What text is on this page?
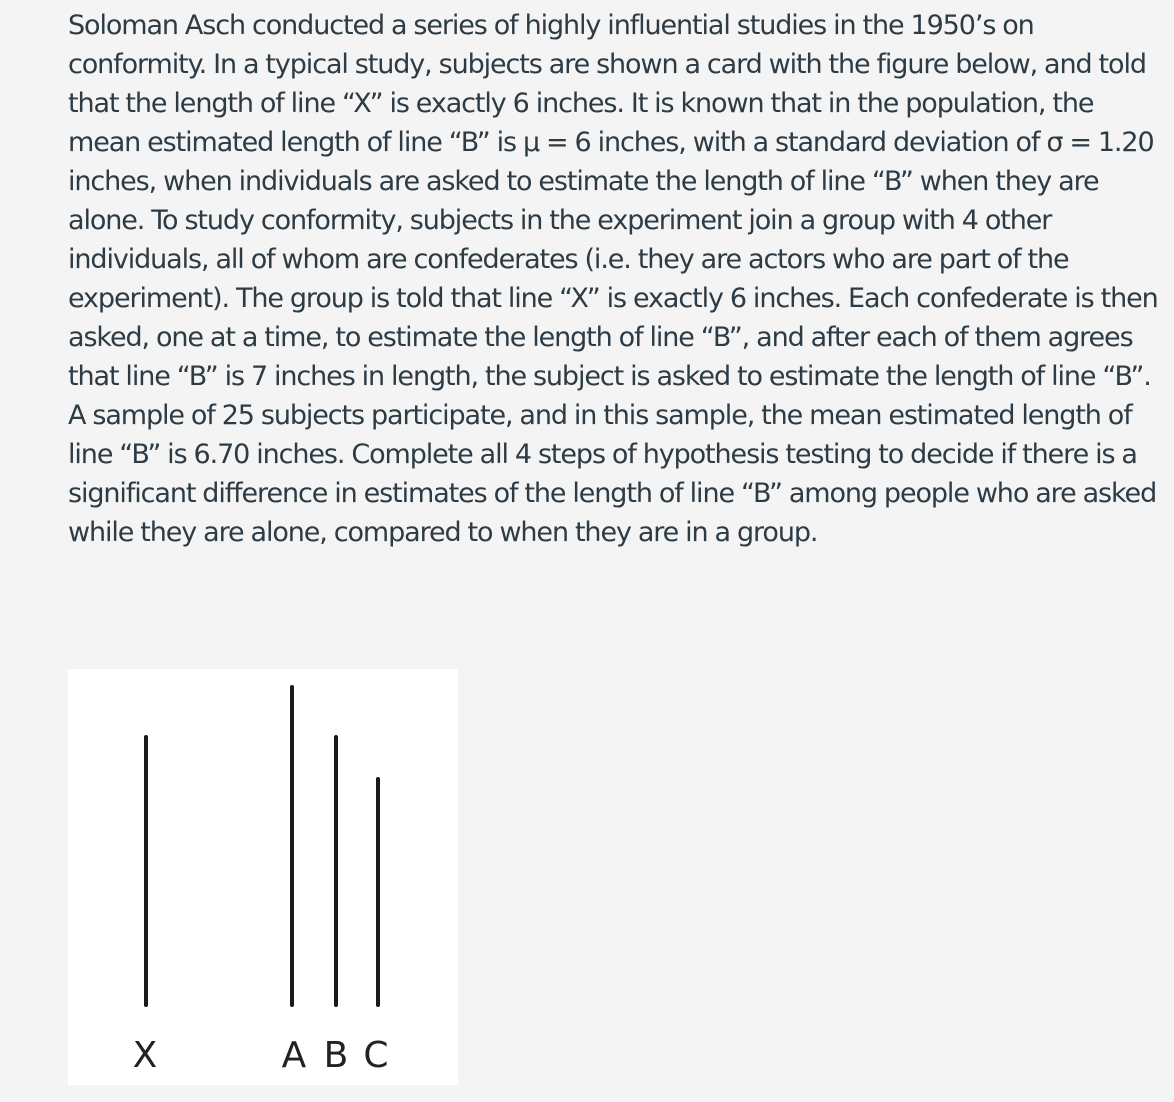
Soloman Asch conducted a series of highly influential studies in the 1950’s on conformity. In a typical study, subjects are shown a card with the figure below, and told that the length of line “X” is exactly 6 inches. It is known that in the population, the mean estimated length of line “B” is μ = 6 inches, with a standard deviation of σ = 1.20 inches, when individuals are asked to estimate the length of line “B” when they are alone. To study conformity, subjects in the experiment join a group with 4 other individuals, all of whom are confederates (i.e. they are actors who are part of the experiment). The group is told that line “X” is exactly 6 inches. Each confederate is then asked, one at a time, to estimate the length of line “B”, and after each of them agrees that line “B” is 7 inches in length, the subject is asked to estimate the length of line “B”. A sample of 25 subjects participate, and in this sample, the mean estimated length of line “B” is 6.70 inches. Complete all 4 steps of hypothesis testing to decide if there is a significant difference in estimates of the length of line “B” among people who are asked while they are alone, compared to when they are in a group.

X	A B C
